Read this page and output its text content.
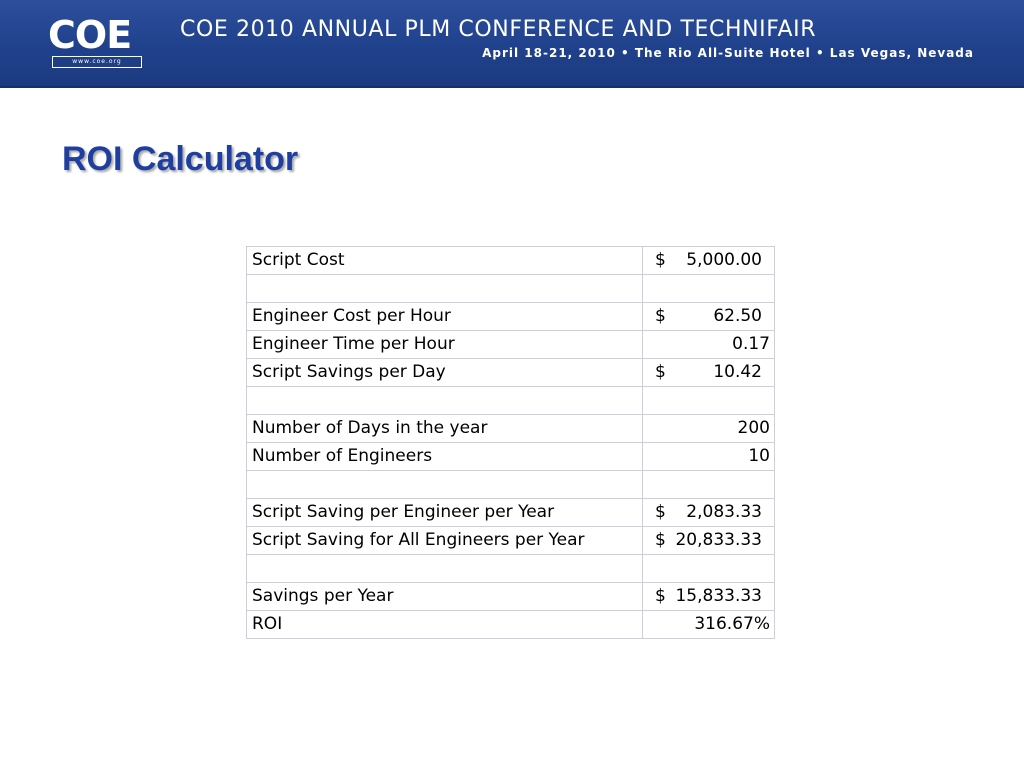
COE
www.coe.org
COE 2010 ANNUAL PLM CONFERENCE AND TECHNIFAIR
April 18-21, 2010 • The Rio All-Suite Hotel • Las Vegas, Nevada
ROI Calculator
Script Cost	$ 5,000.00

Engineer Cost per Hour	$ 62.50

Engineer Time per Hour	0.17

Script Savings per Day	$ 10.42

Number of Days in the year	200

Number of Engineers	10

Script Saving per Engineer per Year	$ 2,083.33

Script Saving for All Engineers per Year	$ 20,833.33

Savings per Year	$ 15,833.33

ROI	316.67%
